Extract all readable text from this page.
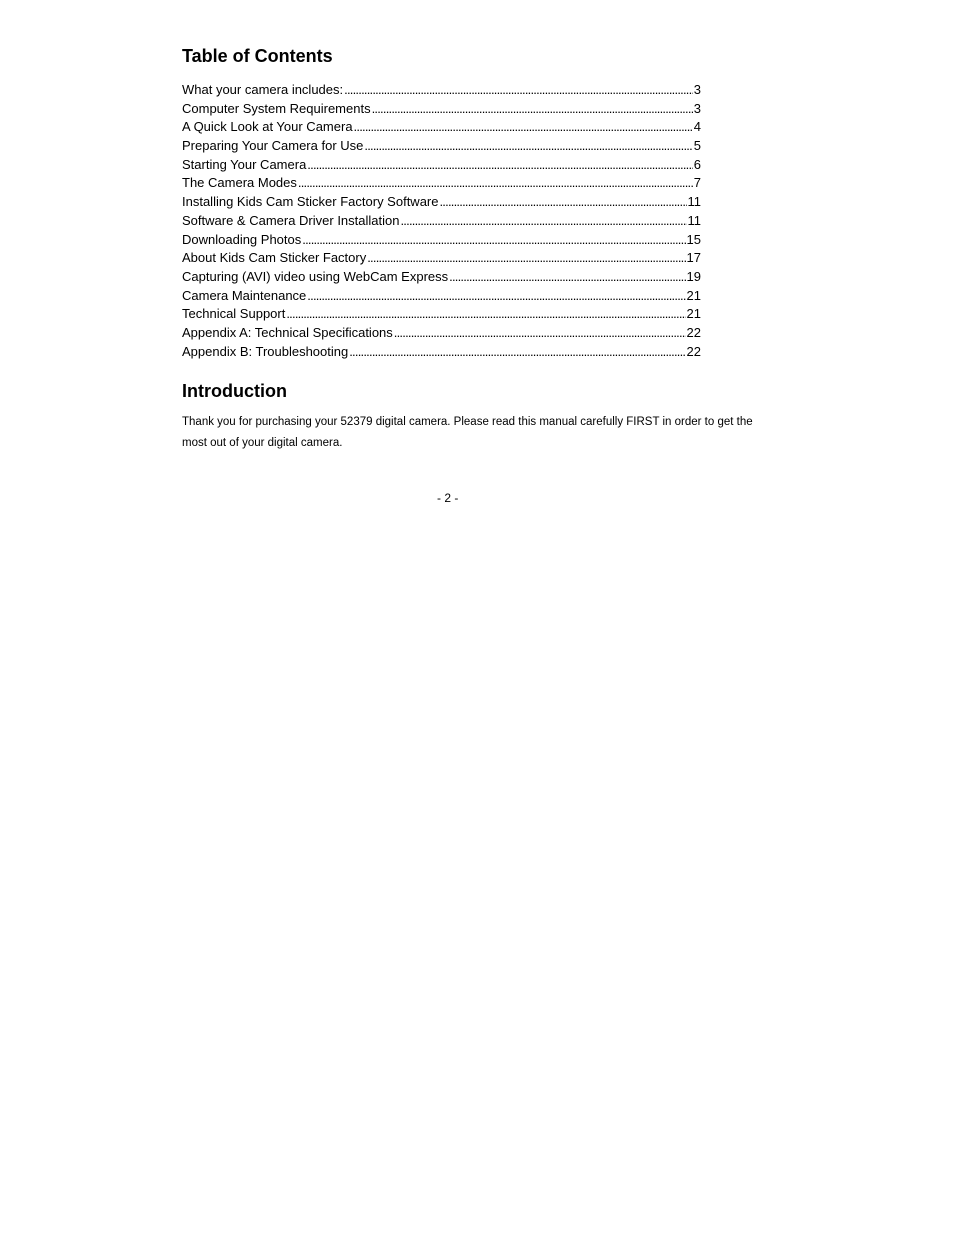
Table of Contents
What your camera includes: . . .	3
Computer System Requirements . . .	3
A Quick Look at Your Camera . . .	4
Preparing Your Camera for Use . . .	5
Starting Your Camera . . .	6
The Camera Modes . . .	7
Installing Kids Cam Sticker Factory Software . . .	11
Software & Camera Driver Installation . . .	11
Downloading Photos . . .	15
About Kids Cam Sticker Factory . . .	17
Capturing (AVI) video using WebCam Express . . .	19
Camera Maintenance . . .	21
Technical Support . . .	21
Appendix A: Technical Specifications . . .	22
Appendix B: Troubleshooting . . .	22
Introduction

Thank you for purchasing your 52379 digital camera. Please read this manual carefully FIRST in order to get the most out of your digital camera.

- 2 -
